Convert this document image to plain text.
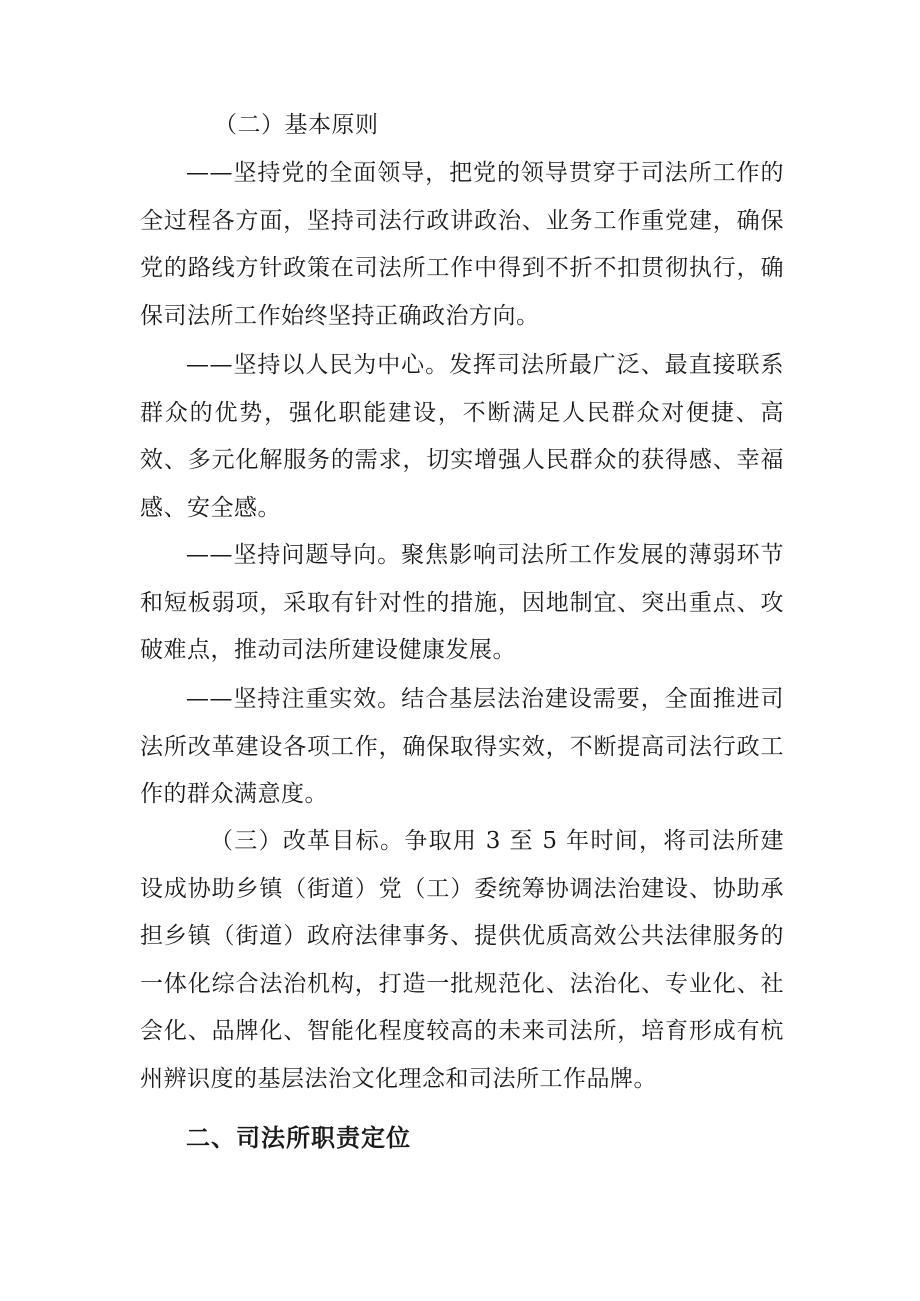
（二）基本原则

——坚持党的全面领导，把党的领导贯穿于司法所工作的全过程各方面，坚持司法行政讲政治、业务工作重党建，确保党的路线方针政策在司法所工作中得到不折不扣贯彻执行，确保司法所工作始终坚持正确政治方向。

——坚持以人民为中心。发挥司法所最广泛、最直接联系群众的优势，强化职能建设，不断满足人民群众对便捷、高效、多元化解服务的需求，切实增强人民群众的获得感、幸福感、安全感。

——坚持问题导向。聚焦影响司法所工作发展的薄弱环节和短板弱项，采取有针对性的措施，因地制宜、突出重点、攻破难点，推动司法所建设健康发展。

——坚持注重实效。结合基层法治建设需要，全面推进司法所改革建设各项工作，确保取得实效，不断提高司法行政工作的群众满意度。

（三）改革目标。争取用 3 至 5 年时间，将司法所建设成协助乡镇（街道）党（工）委统筹协调法治建设、协助承担乡镇（街道）政府法律事务、提供优质高效公共法律服务的一体化综合法治机构，打造一批规范化、法治化、专业化、社会化、品牌化、智能化程度较高的未来司法所，培育形成有杭州辨识度的基层法治文化理念和司法所工作品牌。

二、司法所职责定位
